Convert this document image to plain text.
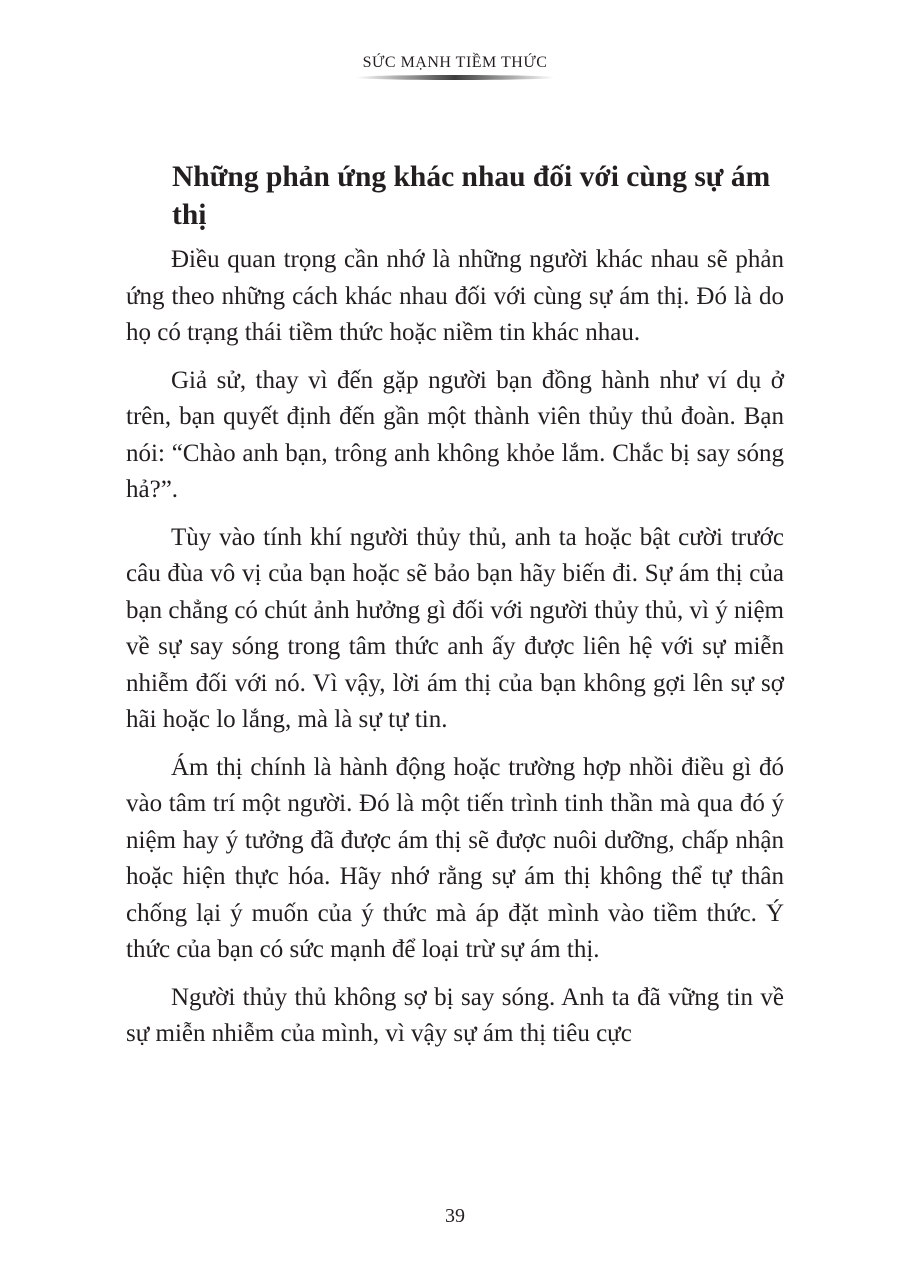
SỨC MẠNH TIỀM THỨC
Những phản ứng khác nhau đối với cùng sự ám thị

Điều quan trọng cần nhớ là những người khác nhau sẽ phản ứng theo những cách khác nhau đối với cùng sự ám thị. Đó là do họ có trạng thái tiềm thức hoặc niềm tin khác nhau.

Giả sử, thay vì đến gặp người bạn đồng hành như ví dụ ở trên, bạn quyết định đến gần một thành viên thủy thủ đoàn. Bạn nói: “Chào anh bạn, trông anh không khỏe lắm. Chắc bị say sóng hả?”.

Tùy vào tính khí người thủy thủ, anh ta hoặc bật cười trước câu đùa vô vị của bạn hoặc sẽ bảo bạn hãy biến đi. Sự ám thị của bạn chẳng có chút ảnh hưởng gì đối với người thủy thủ, vì ý niệm về sự say sóng trong tâm thức anh ấy được liên hệ với sự miễn nhiễm đối với nó. Vì vậy, lời ám thị của bạn không gợi lên sự sợ hãi hoặc lo lắng, mà là sự tự tin.

Ám thị chính là hành động hoặc trường hợp nhồi điều gì đó vào tâm trí một người. Đó là một tiến trình tinh thần mà qua đó ý niệm hay ý tưởng đã được ám thị sẽ được nuôi dưỡng, chấp nhận hoặc hiện thực hóa. Hãy nhớ rằng sự ám thị không thể tự thân chống lại ý muốn của ý thức mà áp đặt mình vào tiềm thức. Ý thức của bạn có sức mạnh để loại trừ sự ám thị.

Người thủy thủ không sợ bị say sóng. Anh ta đã vững tin về sự miễn nhiễm của mình, vì vậy sự ám thị tiêu cực

39
